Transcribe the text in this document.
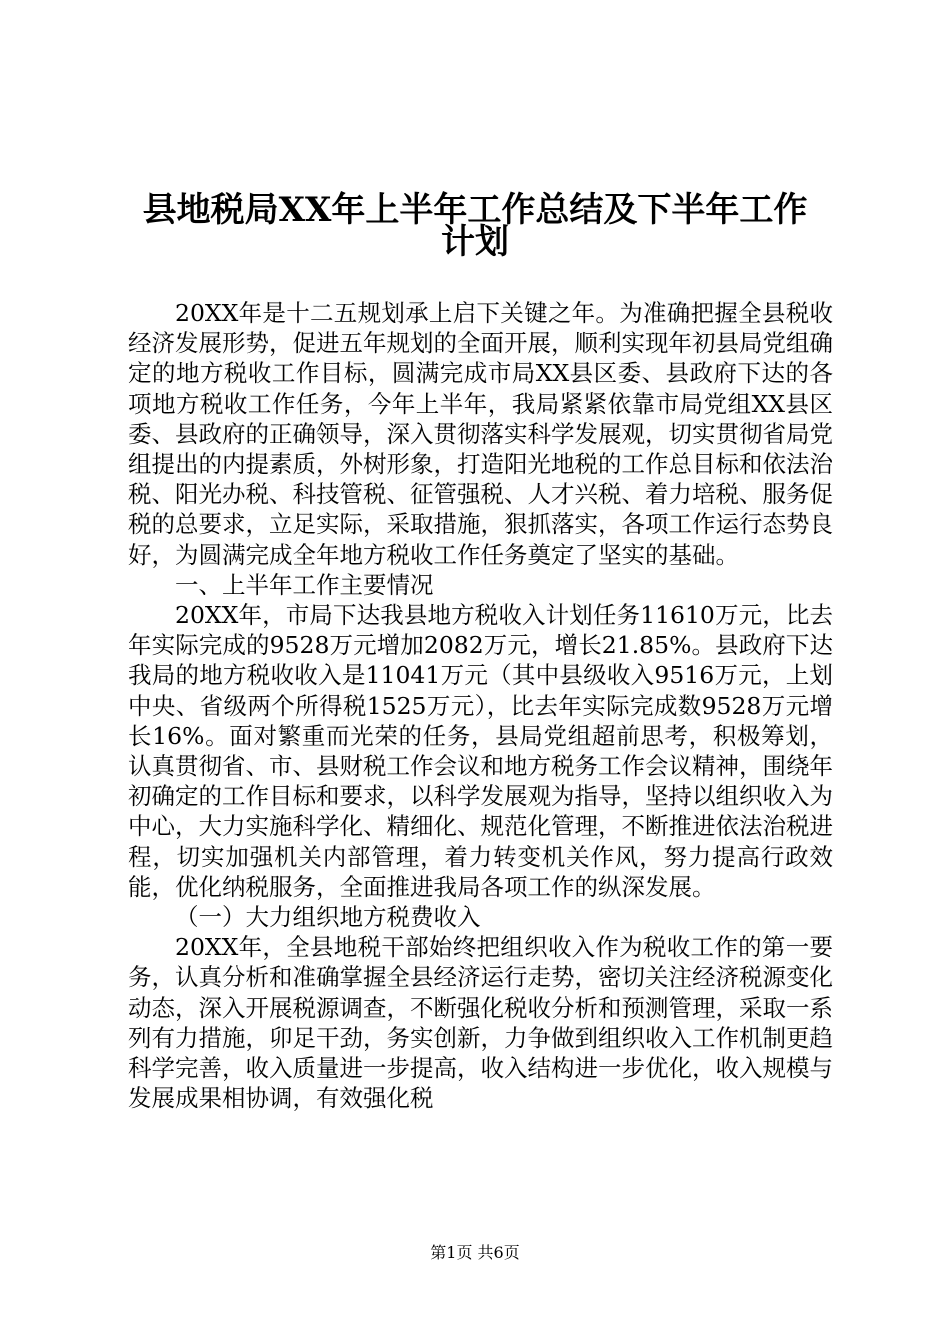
县地税局XX年上半年工作总结及下半年工作
计划

20XX年是十二五规划承上启下关键之年。为准确把握全县税收经济发展形势，促进五年规划的全面开展，顺利实现年初县局党组确定的地方税收工作目标，圆满完成市局XX县区委、县政府下达的各项地方税收工作任务，今年上半年，我局紧紧依靠市局党组XX县区委、县政府的正确领导，深入贯彻落实科学发展观，切实贯彻省局党组提出的内提素质，外树形象，打造阳光地税的工作总目标和依法治税、阳光办税、科技管税、征管强税、人才兴税、着力培税、服务促税的总要求，立足实际，采取措施，狠抓落实，各项工作运行态势良好，为圆满完成全年地方税收工作任务奠定了坚实的基础。

一、上半年工作主要情况

20XX年，市局下达我县地方税收入计划任务11610万元，比去年实际完成的9528万元增加2082万元，增长21.85%。县政府下达我局的地方税收收入是11041万元（其中县级收入9516万元，上划中央、省级两个所得税1525万元），比去年实际完成数9528万元增长16%。面对繁重而光荣的任务，县局党组超前思考，积极筹划，认真贯彻省、市、县财税工作会议和地方税务工作会议精神，围绕年初确定的工作目标和要求，以科学发展观为指导，坚持以组织收入为中心，大力实施科学化、精细化、规范化管理，不断推进依法治税进程，切实加强机关内部管理，着力转变机关作风，努力提高行政效能，优化纳税服务，全面推进我局各项工作的纵深发展。

（一）大力组织地方税费收入

20XX年，全县地税干部始终把组织收入作为税收工作的第一要务，认真分析和准确掌握全县经济运行走势，密切关注经济税源变化动态，深入开展税源调查，不断强化税收分析和预测管理，采取一系列有力措施，卯足干劲，务实创新，力争做到组织收入工作机制更趋科学完善，收入质量进一步提高，收入结构进一步优化，收入规模与发展成果相协调，有效强化税

第1页 共6页
